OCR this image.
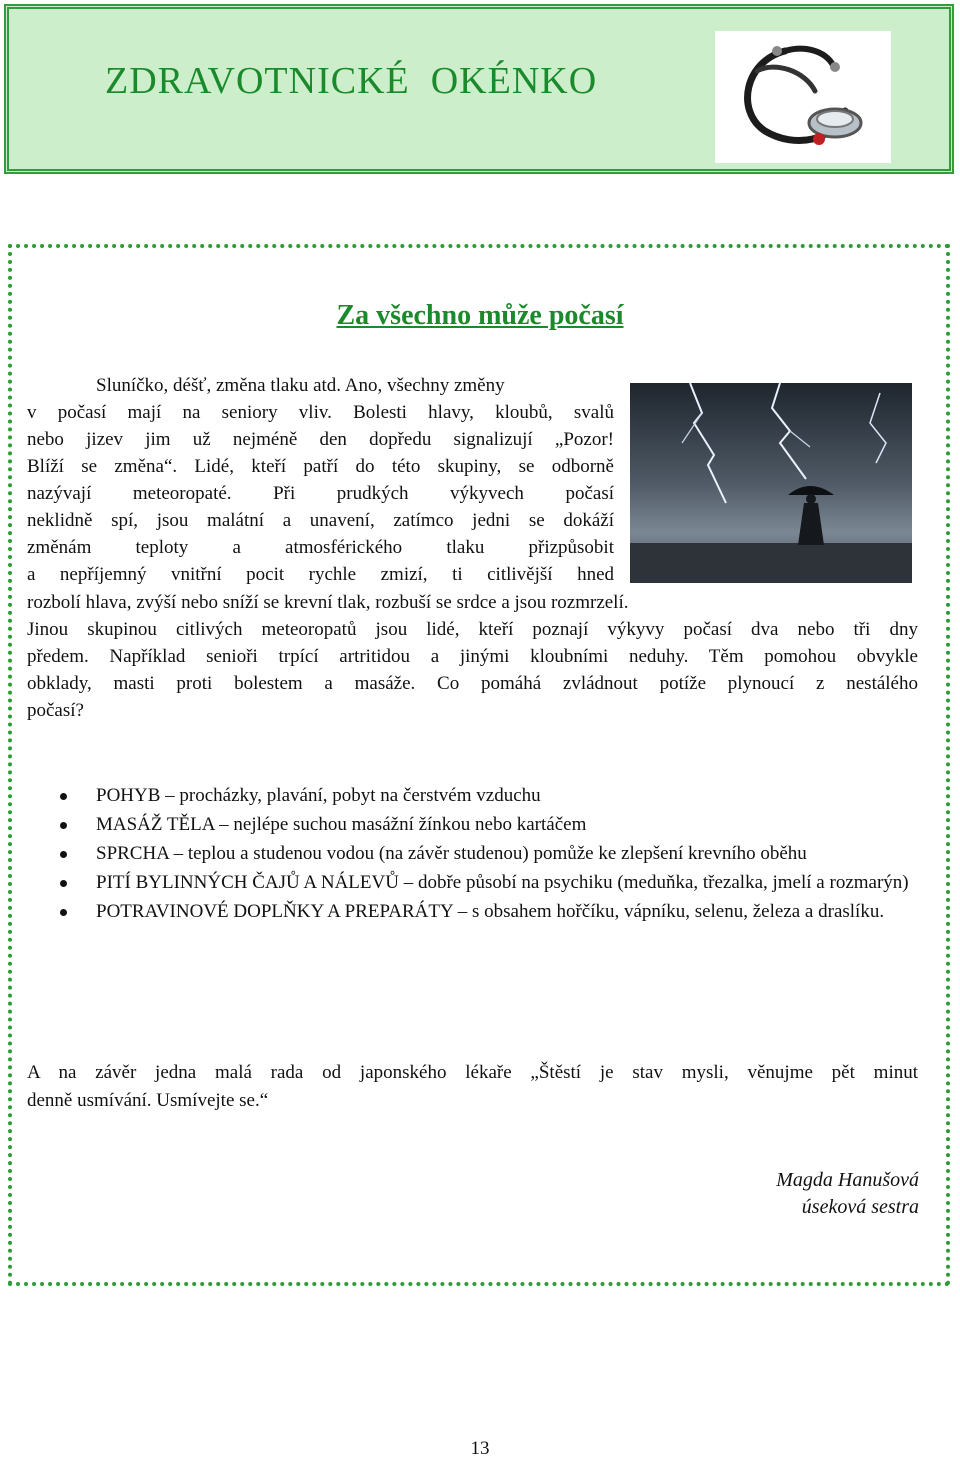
ZDRAVOTNICKÉ  OKÉNKO
Za všechno může počasí
Sluníčko, déšť, změna tlaku atd. Ano, všechny změny
v počasí mají na seniory vliv. Bolesti hlavy, kloubů, svalů
nebo jizev jim už nejméně den dopředu signalizují „Pozor!
Blíží se změna“. Lidé, kteří patří do této skupiny, se odborně
nazývají meteoropaté. Při prudkých výkyvech počasí
neklidně spí, jsou malátní a unavení, zatímco jedni se dokáží
změnám teploty a atmosférického tlaku přizpůsobit
a nepříjemný vnitřní pocit rychle zmizí, ti citlivější hned
rozbolí hlava, zvýší nebo sníží se krevní tlak, rozbuší se srdce a jsou rozmrzelí.
Jinou skupinou citlivých meteoropatů jsou lidé, kteří poznají výkyvy počasí dva nebo tři dny
předem. Například senioři trpící artritidou a jinými kloubními neduhy. Těm pomohou obvykle
obklady, masti proti bolestem a masáže. Co pomáhá zvládnout potíže plynoucí z nestálého
počasí?
POHYB – procházky, plavání, pobyt na čerstvém vzduchu
MASÁŽ TĚLA – nejlépe suchou masážní žínkou nebo kartáčem
SPRCHA – teplou a studenou vodou (na závěr studenou) pomůže ke zlepšení krevního oběhu
PITÍ BYLINNÝCH ČAJŮ A NÁLEVŮ – dobře působí na psychiku (meduňka, třezalka, jmelí a rozmarýn)
POTRAVINOVÉ DOPLŇKY A PREPARÁTY – s obsahem hořčíku, vápníku, selenu, železa a draslíku.
A na závěr jedna malá rada od japonského lékaře „Štěstí je stav mysli, věnujme pět minut
denně usmívání. Usmívejte se.“
Magda Hanušová
úseková sestra
13
